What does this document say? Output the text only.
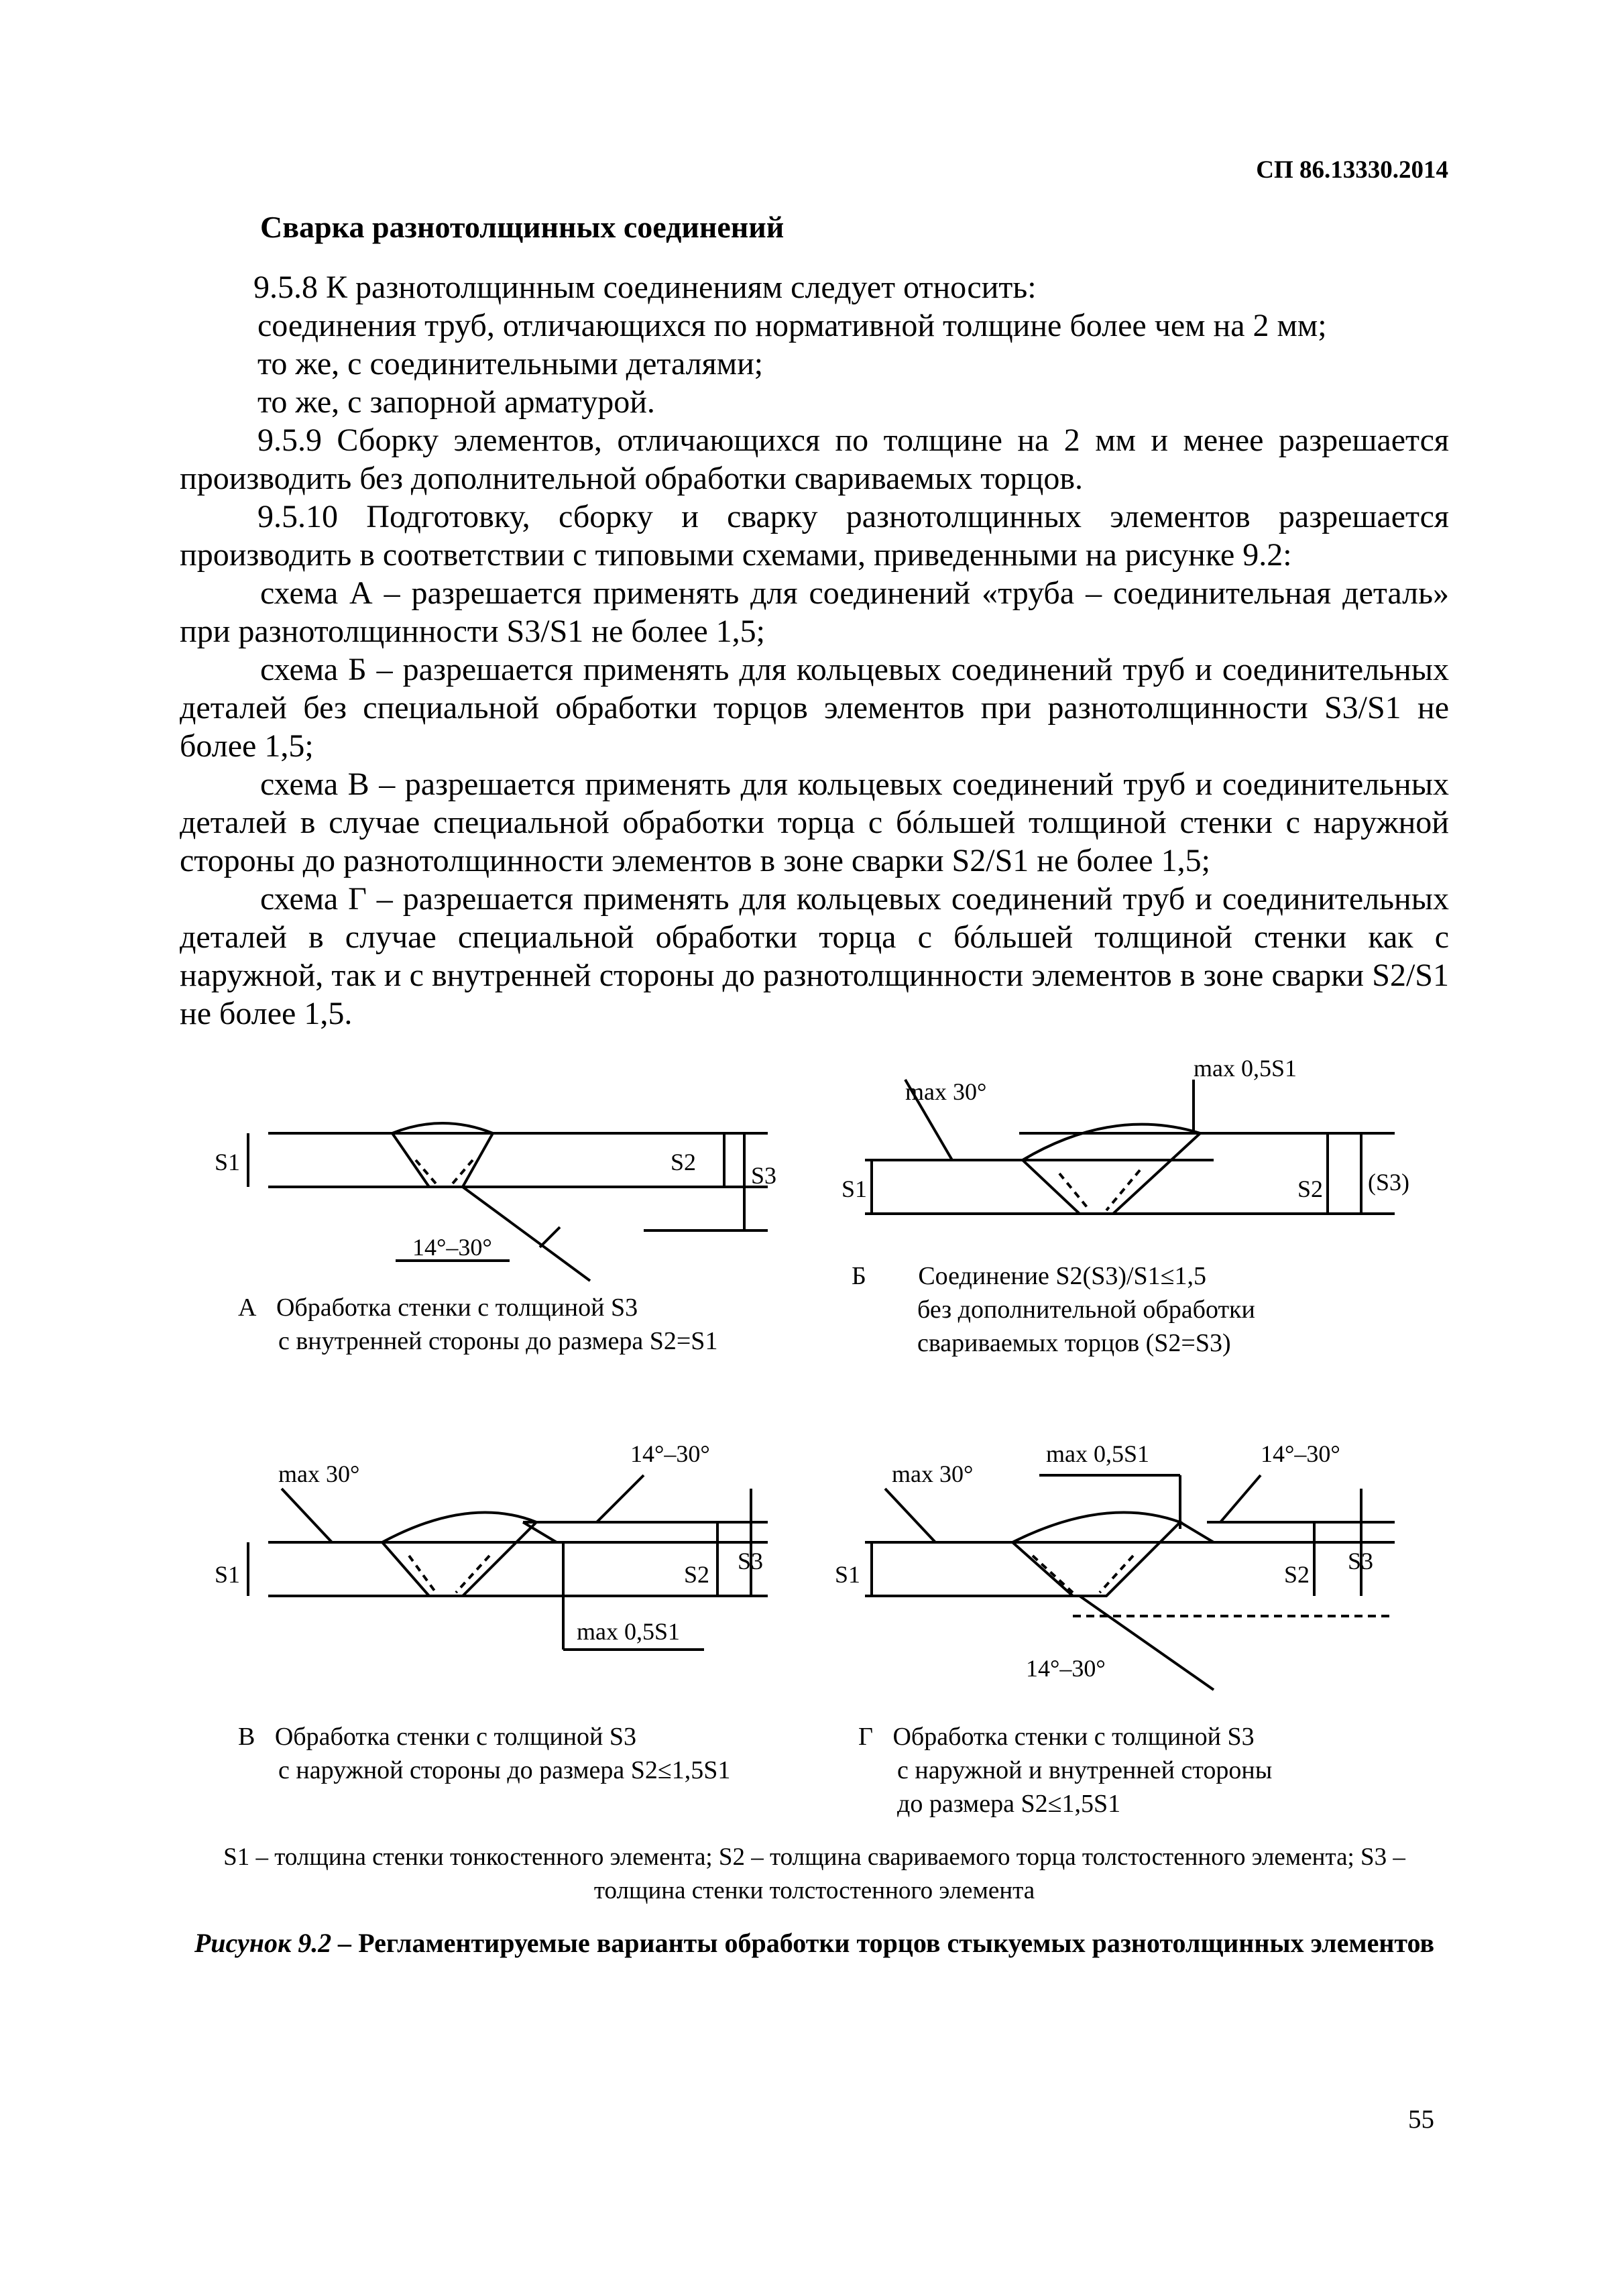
СП 86.13330.2014
Сварка разнотолщинных соединений

9.5.8 К разнотолщинным соединениям следует относить:

соединения труб, отличающихся по нормативной толщине более чем на 2 мм;

то же, с соединительными деталями;

то же, с запорной арматурой.

9.5.9 Сборку элементов, отличающихся по толщине на 2 мм и менее разрешается производить без дополнительной обработки свариваемых торцов.

9.5.10 Подготовку, сборку и сварку разнотолщинных элементов разрешается производить в соответствии с типовыми схемами, приведенными на рисунке 9.2:

схема А – разрешается применять для соединений «труба – соединительная деталь» при разнотолщинности S3/S1 не более 1,5;

схема Б – разрешается применять для кольцевых соединений труб и соединительных деталей без специальной обработки торцов элементов при разнотолщинности S3/S1 не более 1,5;

схема В – разрешается применять для кольцевых соединений труб и соединительных деталей в случае специальной обработки торца с бóльшей толщиной стенки с наружной стороны до разнотолщинности элементов в зоне сварки S2/S1 не более 1,5;

схема Г – разрешается применять для кольцевых соединений труб и соединительных деталей в случае специальной обработки торца с бóльшей толщиной стенки как с наружной, так и с внутренней стороны до разнотолщинности элементов в зоне сварки S2/S1 не более 1,5.

S1	S2 S3
14°–30°
max 30°
max 0,5S1
S1	S2 (S3)
max 30°
14°–30°
max 0,5S1
S1	S2 S3
max 30°
max 0,5S1	14°–30°
14°–30°
S1	S2 S3
А Обработка стенки с толщиной S3
с внутренней стороны до размера S2=S1
Б Соединение S2(S3)/S1≤1,5
без дополнительной обработки
свариваемых торцов (S2=S3)
В Обработка стенки с толщиной S3
с наружной стороны до размера S2≤1,5S1
Г Обработка стенки с толщиной S3
с наружной и внутренней стороны
до размера S2≤1,5S1
S1 – толщина стенки тонкостенного элемента; S2 – толщина свариваемого торца толстостенного элемента; S3 – толщина стенки толстостенного элемента
Рисунок 9.2 – Регламентируемые варианты обработки торцов стыкуемых разнотолщинных элементов
55
